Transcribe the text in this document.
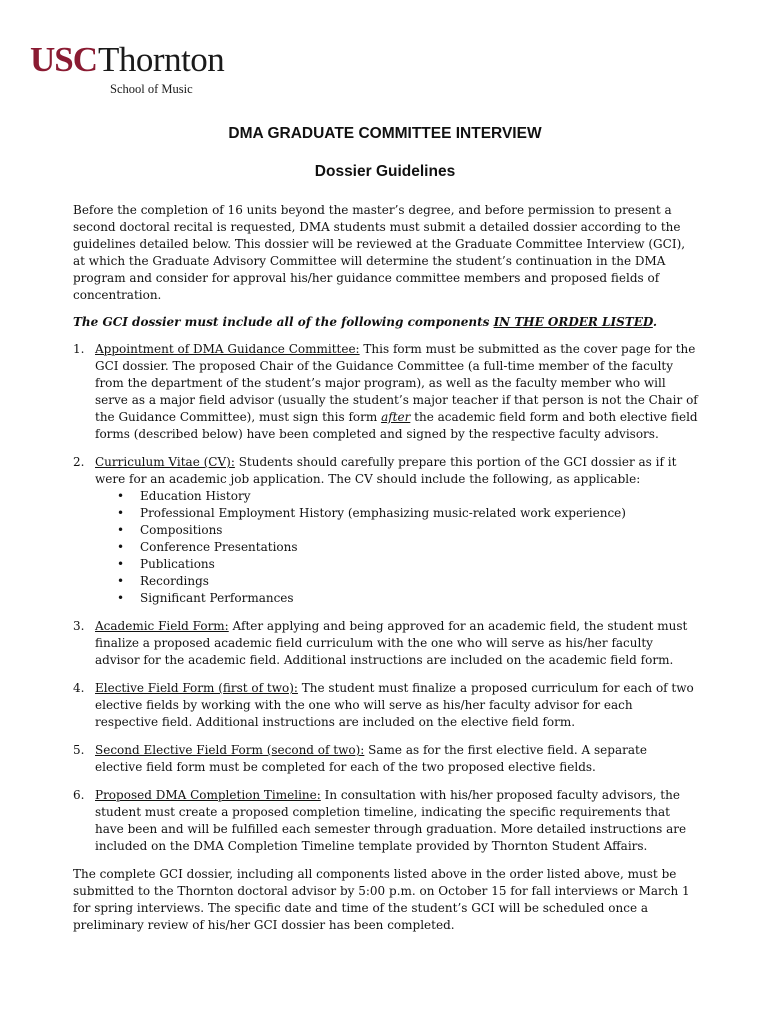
USCThornton
School of Music
DMA GRADUATE COMMITTEE INTERVIEW
Dossier Guidelines

Before the completion of 16 units beyond the master’s degree, and before permission to present a second doctoral recital is requested, DMA students must submit a detailed dossier according to the guidelines detailed below. This dossier will be reviewed at the Graduate Committee Interview (GCI), at which the Graduate Advisory Committee will determine the student’s continuation in the DMA program and consider for approval his/her guidance committee members and proposed fields of concentration.

The GCI dossier must include all of the following components IN THE ORDER LISTED.

1. Appointment of DMA Guidance Committee: This form must be submitted as the cover page for the GCI dossier. The proposed Chair of the Guidance Committee (a full-time member of the faculty from the department of the student’s major program), as well as the faculty member who will serve as a major field advisor (usually the student’s major teacher if that person is not the Chair of the Guidance Committee), must sign this form after the academic field form and both elective field forms (described below) have been completed and signed by the respective faculty advisors.
2. Curriculum Vitae (CV): Students should carefully prepare this portion of the GCI dossier as if it were for an academic job application. The CV should include the following, as applicable:
• Education History
• Professional Employment History (emphasizing music-related work experience)
• Compositions
• Conference Presentations
• Publications
• Recordings
• Significant Performances
3. Academic Field Form: After applying and being approved for an academic field, the student must finalize a proposed academic field curriculum with the one who will serve as his/her faculty advisor for the academic field. Additional instructions are included on the academic field form.
4. Elective Field Form (first of two): The student must finalize a proposed curriculum for each of two elective fields by working with the one who will serve as his/her faculty advisor for each respective field. Additional instructions are included on the elective field form.
5. Second Elective Field Form (second of two): Same as for the first elective field. A separate elective field form must be completed for each of the two proposed elective fields.
6. Proposed DMA Completion Timeline: In consultation with his/her proposed faculty advisors, the student must create a proposed completion timeline, indicating the specific requirements that have been and will be fulfilled each semester through graduation. More detailed instructions are included on the DMA Completion Timeline template provided by Thornton Student Affairs.

The complete GCI dossier, including all components listed above in the order listed above, must be submitted to the Thornton doctoral advisor by 5:00 p.m. on October 15 for fall interviews or March 1 for spring interviews. The specific date and time of the student’s GCI will be scheduled once a preliminary review of his/her GCI dossier has been completed.
